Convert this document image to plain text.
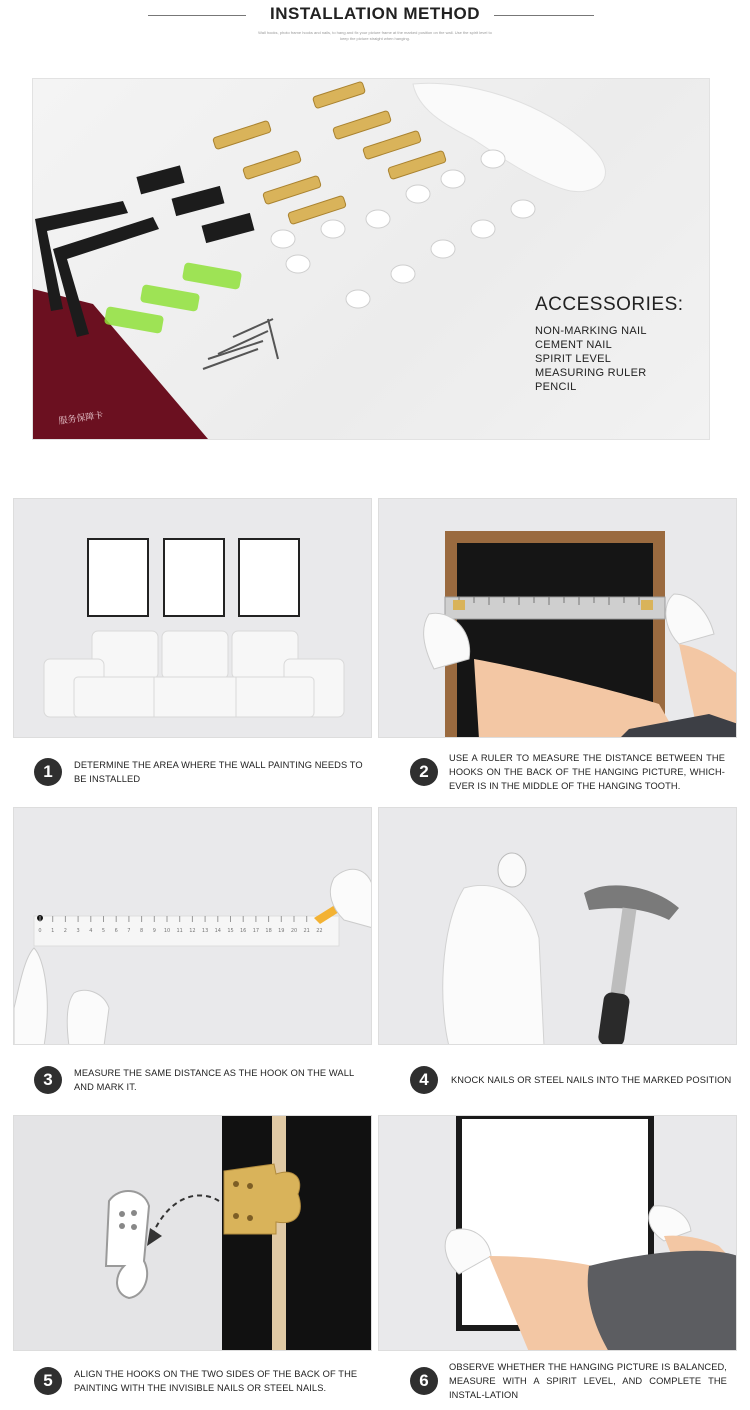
INSTALLATION METHOD
Wall hooks, photo frame hooks and nails, to hang and fix your picture frame at the marked position on the wall. Use the spirit level to keep the picture straight when hanging.
服务保障卡
ACCESSORIES:
NON-MARKING NAIL
CEMENT NAIL
SPIRIT LEVEL
MEASURING RULER
PENCIL
1	DETERMINE THE AREA WHERE THE WALL PAINTING NEEDS TO BE INSTALLED	2
USE A RULER TO MEASURE THE DISTANCE BETWEEN THE HOOKS ON THE BACK OF THE HANGING PICTURE, WHICH-EVER IS IN THE MIDDLE OF THE HANGING TOOTH.
0 1 2 3 4 5 6 7 8 9 10 11 12 13 14 15 16 17 18 19 20 21 22
3	MEASURE THE SAME DISTANCE AS THE HOOK ON THE WALL AND MARK IT.	4	KNOCK NAILS OR STEEL NAILS INTO THE MARKED POSITION
5	ALIGN THE HOOKS ON THE TWO SIDES OF THE BACK OF THE PAINTING WITH THE INVISIBLE NAILS OR STEEL NAILS.	6
OBSERVE WHETHER THE HANGING PICTURE IS BALANCED, MEASURE WITH A SPIRIT LEVEL, AND COMPLETE THE INSTAL-LATION
